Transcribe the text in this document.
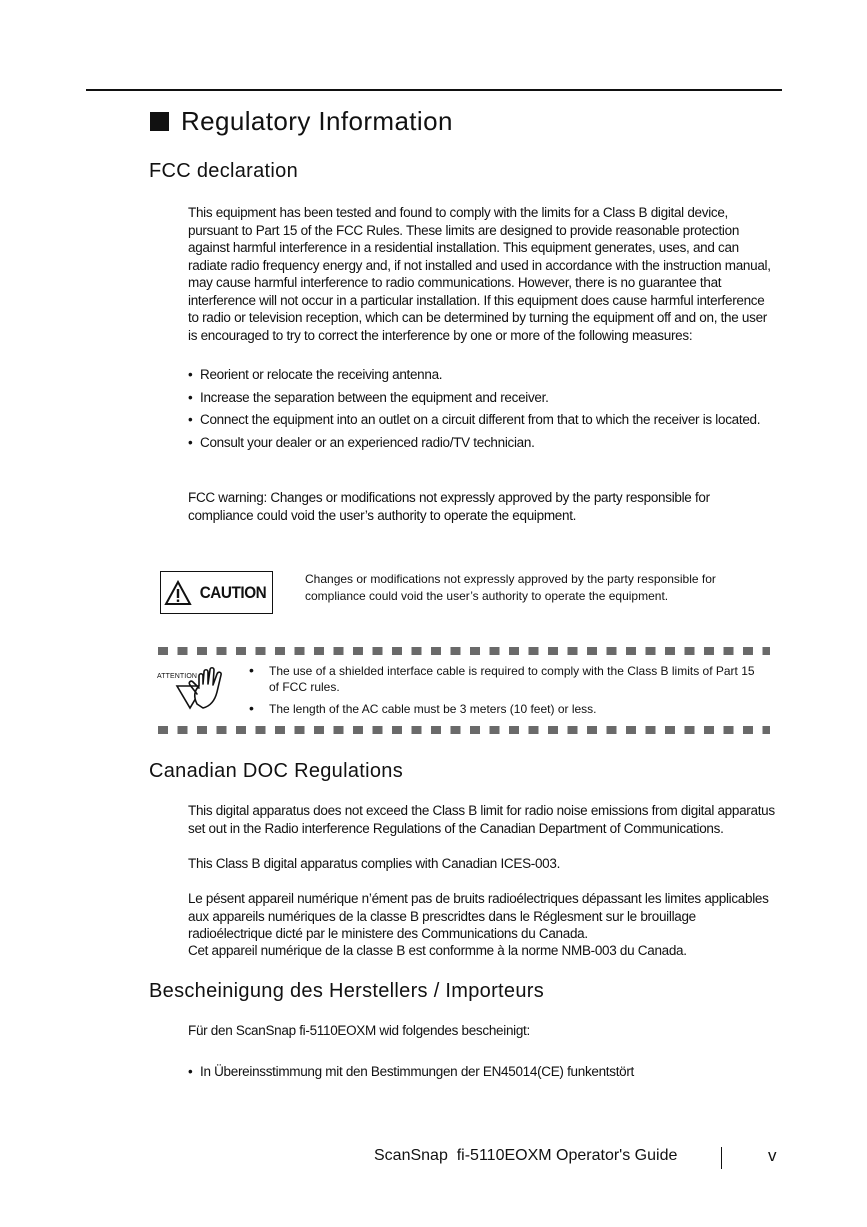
Regulatory Information
FCC declaration

This equipment has been tested and found to comply with the limits for a Class B digital device, pursuant to Part 15 of the FCC Rules. These limits are designed to provide reasonable protection against harmful interference in a residential installation. This equipment generates, uses, and can radiate radio frequency energy and, if not installed and used in accordance with the instruction manual, may cause harmful interference to radio communications. However, there is no guarantee that interference will not occur in a particular installation. If this equipment does cause harmful interference to radio or television reception, which can be determined by turning the equipment off and on, the user is encouraged to try to correct the interference by one or more of the following measures:

• Reorient or relocate the receiving antenna.
• Increase the separation between the equipment and receiver.
• Connect the equipment into an outlet on a circuit different from that to which the receiver is located.
• Consult your dealer or an experienced radio/TV technician.

FCC warning: Changes or modifications not expressly approved by the party responsible for compliance could void the user’s authority to operate the equipment.

CAUTION

Changes or modifications not expressly approved by the party responsible for compliance could void the user’s authority to operate the equipment.

ATTENTION
•	The use of a shielded interface cable is required to comply with the Class B limits of Part 15 of FCC rules.
• The length of the AC cable must be 3 meters (10 feet) or less.
Canadian DOC Regulations

This digital apparatus does not exceed the Class B limit for radio noise emissions from digital apparatus set out in the Radio interference Regulations of the Canadian Department of Communications.

This Class B digital apparatus complies with Canadian ICES-003.

Le pésent appareil numérique n’ément pas de bruits radioélectriques dépassant les limites applicables aux appareils numériques de la classe B prescridtes dans le Réglesment sur le brouillage radioélectrique dicté par le ministere des Communications du Canada.

Cet appareil numérique de la classe B est conformme à la norme NMB-003 du Canada.

Bescheinigung des Herstellers / Importeurs

Für den ScanSnap fi-5110EOXM wid folgendes bescheinigt:

• In Übereinsstimmung mit den Bestimmungen der EN45014(CE) funkentstört
ScanSnap  fi-5110EOXM Operator's Guide	v
